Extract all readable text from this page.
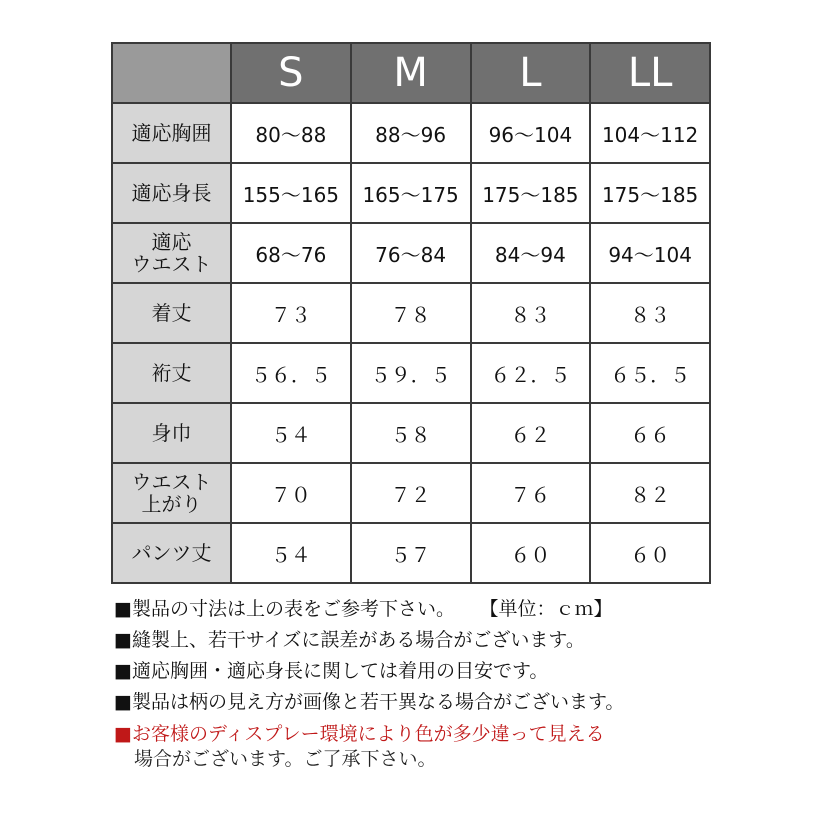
	S	M	L	LL
適応胸囲	80～88	88～96	96～104	104～112
適応身長	155～165	165～175	175～185	175～185
適応
ウエスト	68～76	76～84	84～94	94～104
着丈	７３	７８	８３	８３
裄丈	５６．５	５９．５	６２．５	６５．５
身巾	５４	５８	６２	６６
ウエスト
上がり	７０	７２	７６	８２
パンツ丈	５４	５７	６０	６０
■製品の寸法は上の表をご参考下さい。 【単位：ｃｍ】
■縫製上、若干サイズに誤差がある場合がございます。
■適応胸囲・適応身長に関しては着用の目安です。
■製品は柄の見え方が画像と若干異なる場合がございます。
■お客様のディスプレー環境により色が多少違って見える
場合がございます。ご了承下さい。
